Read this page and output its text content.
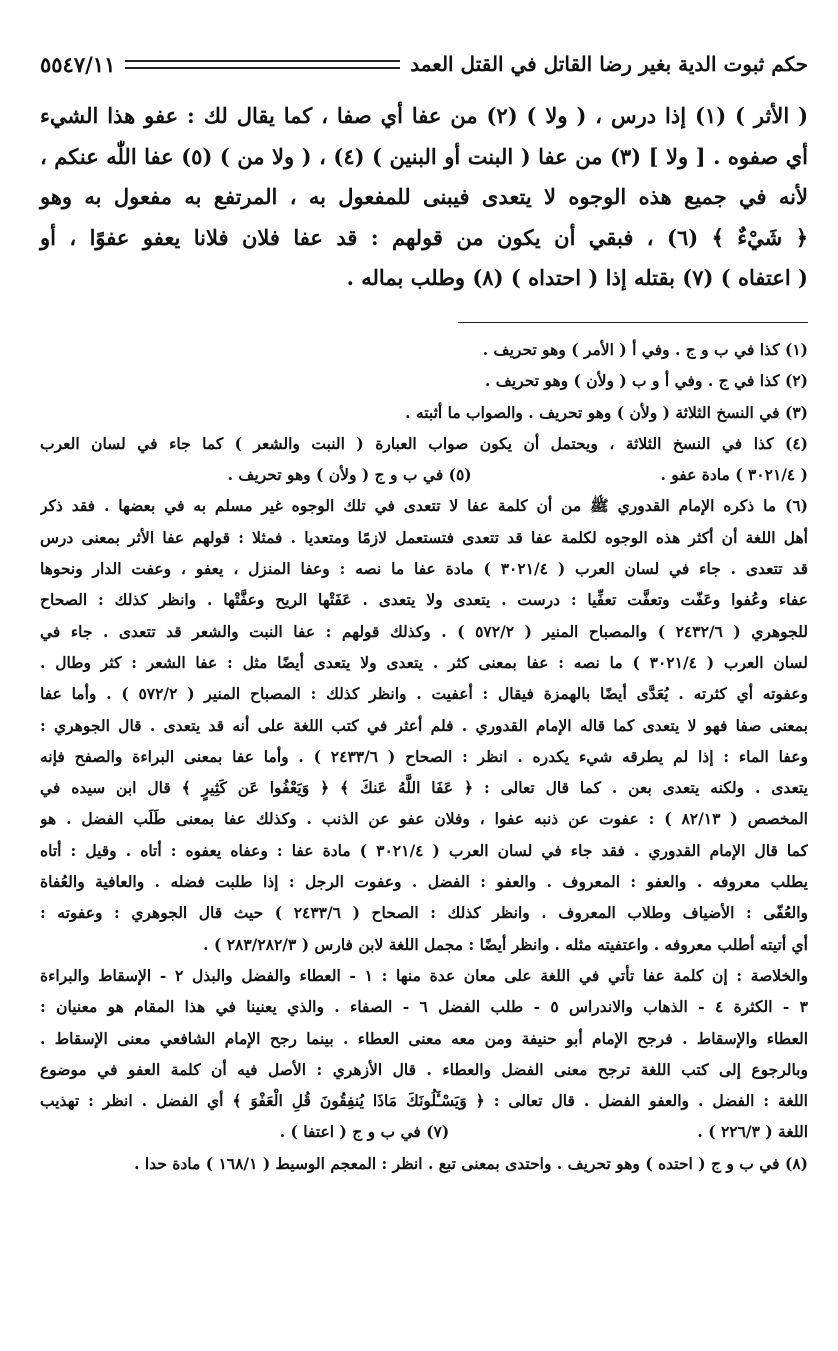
حكم ثبوت الدية بغير رضا القاتل في القتل العمد
٥٥٤٧/١١
( الأثر ) (١) إذا درس ، ( ولا ) (٢) من عفا أي صفا ، كما يقال لك : عفو هذا الشيء
أي صفوه . [ ولا ] (٣) من عفا ( البنت أو البنين ) (٤) ، ( ولا من ) (٥) عفا اللّٰه عنكم ،
لأنه في جميع هذه الوجوه لا يتعدى فيبنى للمفعول به ، المرتفع به مفعول به وهو
﴿ شَيْءٌ ﴾ (٦) ، فبقي أن يكون من قولهم : قد عفا فلان فلانا يعفو عفوًا ، أو
( اعتفاه ) (٧) بقتله إذا ( احتداه ) (٨) وطلب بماله .
(١) كذا في ب و ج . وفي أ ( الأمر ) وهو تحريف .
(٢) كذا في ج . وفي أ و ب ( ولأن ) وهو تحريف .
(٣) في النسخ الثلاثة ( ولأن ) وهو تحريف . والصواب ما أثبته .
(٤) كذا في النسخ الثلاثة ، ويحتمل أن يكون صواب العبارة ( النبت والشعر ) كما جاء في لسان العرب
( ٣٠٢١/٤ ) مادة عفو .                                   (٥) في ب و ج ( ولأن ) وهو تحريف .
(٦) ما ذكره الإمام القدوري ﷺ من أن كلمة عفا لا تتعدى في تلك الوجوه غير مسلم به في بعضها . فقد ذكر
أهل اللغة أن أكثر هذه الوجوه لكلمة عفا قد تتعدى فتستعمل لازمًا ومتعديا . فمثلا : قولهم عفا الأثر بمعنى درس
قد تتعدى . جاء في لسان العرب ( ٣٠٢١/٤ ) مادة عفا ما نصه : وعفا المنزل ، يعفو ، وعفت الدار ونحوها
عفاء وعُفوا وعَفّت وتعفَّت تعفِّيا : درست . يتعدى ولا يتعدى . عَفَتْها الريح وعفَّتْها . وانظر كذلك : الصحاح
للجوهري ( ٢٤٣٢/٦ ) والمصباح المنير ( ٥٧٢/٢ ) . وكذلك قولهم : عفا النبت والشعر قد تتعدى . جاء في
لسان العرب ( ٣٠٢١/٤ ) ما نصه : عفا بمعنى كثر . يتعدى ولا يتعدى أيضًا مثل : عفا الشعر : كثر وطال .
وعفوته أي كثرته . يُعَدَّى أيضًا بالهمزة فيقال : أعفيت . وانظر كذلك : المصباح المنير ( ٥٧٢/٢ ) . وأما عفا
بمعنى صفا فهو لا يتعدى كما قاله الإمام القدوري . فلم أعثر في كتب اللغة على أنه قد يتعدى . قال الجوهري :
وعفا الماء : إذا لم يطرقه شيء يكدره . انظر : الصحاح ( ٢٤٣٣/٦ ) . وأما عفا بمعنى البراءة والصفح فإنه
يتعدى . ولكنه يتعدى بعن . كما قال تعالى : ﴿ عَفَا اللَّهُ عَنكَ ﴾ ﴿ وَيَعْفُوا عَن كَثِيرٍ ﴾ قال ابن سيده في
المخصص ( ٨٢/١٣ ) : عفوت عن ذنبه عفوا ، وفلان عفو عن الذنب . وكذلك عفا بمعنى طَلَب الفضل . هو
كما قال الإمام القدوري . فقد جاء في لسان العرب ( ٣٠٢١/٤ ) مادة عفا : وعفاه يعفوه : أتاه . وقيل : أتاه
يطلب معروفه . والعفو : المعروف . والعفو : الفضل . وعفوت الرجل : إذا طلبت فضله . والعافية والعُفاة
والعُفّى : الأضياف وطلاب المعروف . وانظر كذلك : الصحاح ( ٢٤٣٣/٦ ) حيث قال الجوهري : وعفوته :
أي أتيته أطلب معروفه . واعتفيته مثله . وانظر أيضًا : مجمل اللغة لابن فارس ( ٢٨٣/٢٨٢/٣ ) .
والخلاصة : إن كلمة عفا تأتي في اللغة على معان عدة منها : ١ - العطاء والفضل والبذل ٢ - الإسقاط والبراءة
٣ - الكثرة ٤ - الذهاب والاندراس ٥ - طلب الفضل ٦ - الصفاء . والذي يعنينا في هذا المقام هو معنيان :
العطاء والإسقاط . فرجح الإمام أبو حنيفة ومن معه معنى العطاء . بينما رجح الإمام الشافعي معنى الإسقاط .
وبالرجوع إلى كتب اللغة ترجح معنى الفضل والعطاء . قال الأزهري : الأصل فيه أن كلمة العفو في موضوع
اللغة : الفضل . والعفو الفضل . قال تعالى : ﴿ وَيَسْـَٔلُونَكَ مَاذَا يُنفِقُونَ قُلِ الْعَفْوَ ﴾ أي الفضل . انظر : تهذيب
اللغة ( ٢٢٦/٣ ) .                                              (٧) في ب و ج ( اعتفا ) .
(٨) في ب و ج ( احتده ) وهو تحريف . واحتدى بمعنى تبع . انظر : المعجم الوسيط ( ١٦٨/١ ) مادة حدا .
